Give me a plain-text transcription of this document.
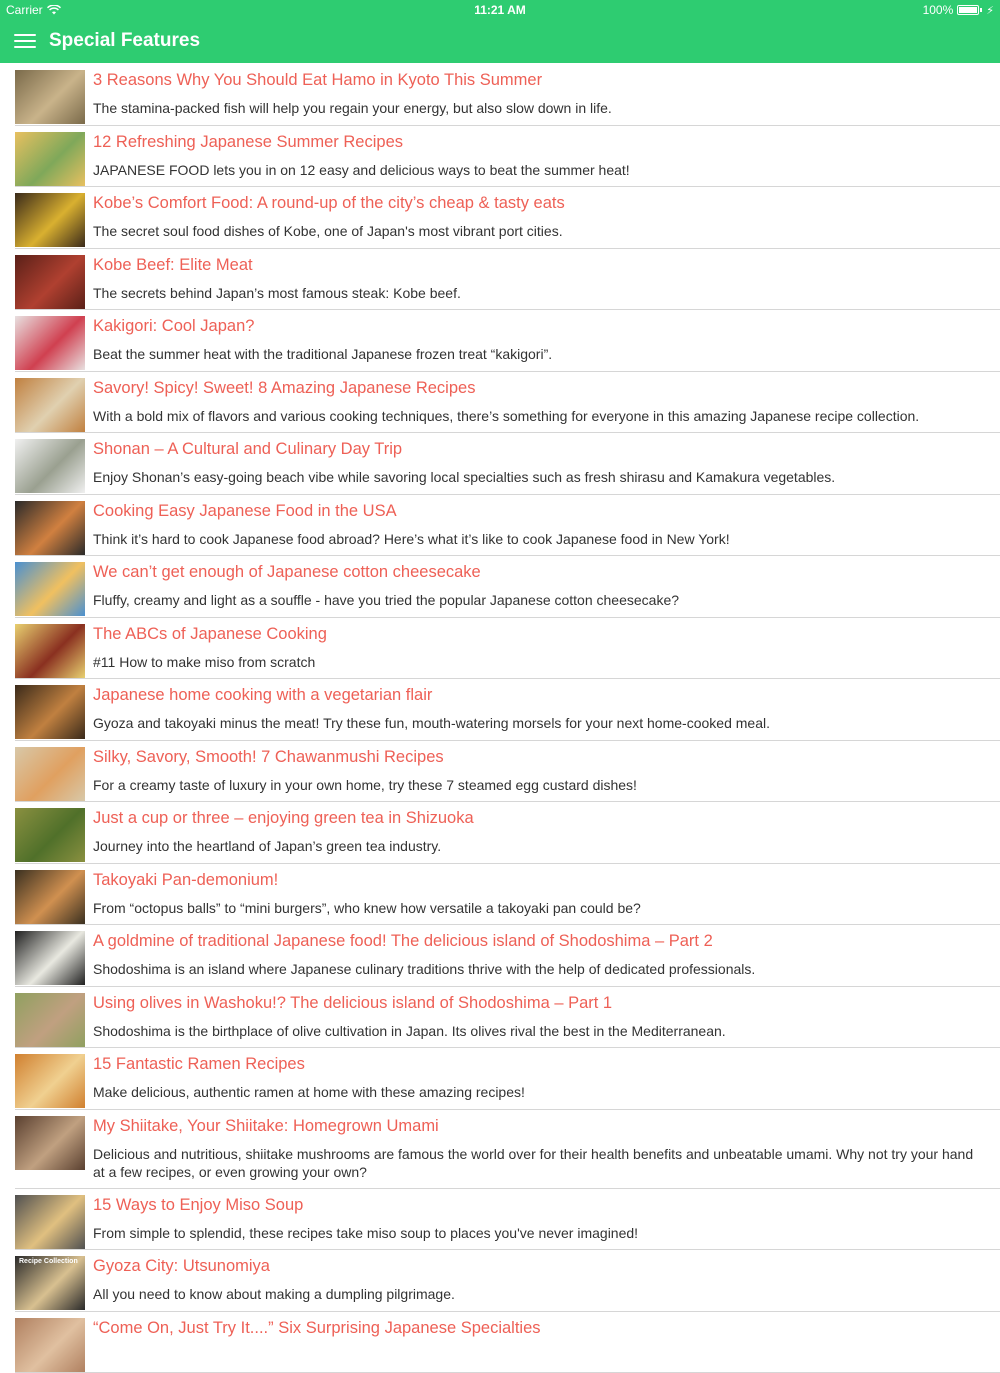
Carrier	11:21 AM	100%	⚡
Special Features
3 Reasons Why You Should Eat Hamo in Kyoto This Summer
The stamina-packed fish will help you regain your energy, but also slow down in life.
12 Refreshing Japanese Summer Recipes
JAPANESE FOOD lets you in on 12 easy and delicious ways to beat the summer heat!
Kobe’s Comfort Food: A round-up of the city’s cheap & tasty eats
The secret soul food dishes of Kobe, one of Japan's most vibrant port cities.
Kobe Beef: Elite Meat
The secrets behind Japan’s most famous steak: Kobe beef.
Kakigori: Cool Japan?
Beat the summer heat with the traditional Japanese frozen treat “kakigori”.
Savory! Spicy! Sweet! 8 Amazing Japanese Recipes
With a bold mix of flavors and various cooking techniques, there’s something for everyone in this amazing Japanese recipe collection.
Shonan – A Cultural and Culinary Day Trip
Enjoy Shonan’s easy-going beach vibe while savoring local specialties such as fresh shirasu and Kamakura vegetables.
Cooking Easy Japanese Food in the USA
Think it’s hard to cook Japanese food abroad? Here’s what it’s like to cook Japanese food in New York!
We can’t get enough of Japanese cotton cheesecake
Fluffy, creamy and light as a souffle - have you tried the popular Japanese cotton cheesecake?
The ABCs of Japanese Cooking
#11 How to make miso from scratch
Japanese home cooking with a vegetarian flair
Gyoza and takoyaki minus the meat! Try these fun, mouth-watering morsels for your next home-cooked meal.
Silky, Savory, Smooth! 7 Chawanmushi Recipes
For a creamy taste of luxury in your own home, try these 7 steamed egg custard dishes!
Just a cup or three – enjoying green tea in Shizuoka
Journey into the heartland of Japan’s green tea industry.
Takoyaki Pan-demonium!
From “octopus balls” to “mini burgers”, who knew how versatile a takoyaki pan could be?
A goldmine of traditional Japanese food! The delicious island of Shodoshima – Part 2
Shodoshima is an island where Japanese culinary traditions thrive with the help of dedicated professionals.
Using olives in Washoku!? The delicious island of Shodoshima – Part 1
Shodoshima is the birthplace of olive cultivation in Japan. Its olives rival the best in the Mediterranean.
15 Fantastic Ramen Recipes
Make delicious, authentic ramen at home with these amazing recipes!
My Shiitake, Your Shiitake: Homegrown Umami
Delicious and nutritious, shiitake mushrooms are famous the world over for their health benefits and unbeatable umami. Why not try your hand at a few recipes, or even growing your own?
15 Ways to Enjoy Miso Soup
From simple to splendid, these recipes take miso soup to places you've never imagined!
Recipe Collection Gyoza City: Utsunomiya
All you need to know about making a dumpling pilgrimage.
“Come On, Just Try It....” Six Surprising Japanese Specialties
